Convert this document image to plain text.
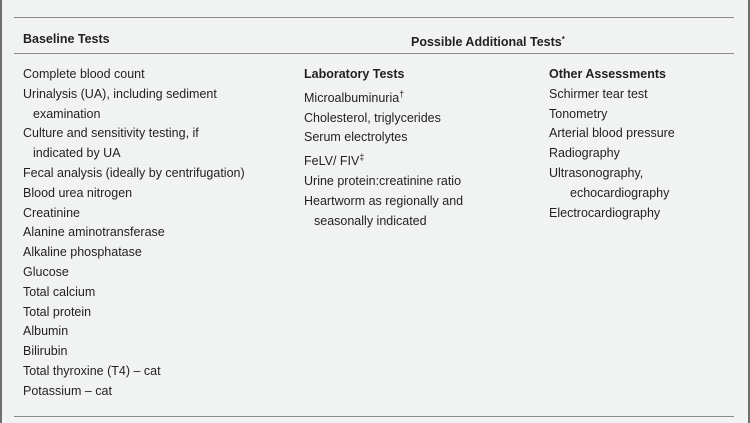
Baseline Tests	Possible Additional Tests*
Complete blood count
Urinalysis (UA), including sediment
examination
Culture and sensitivity testing, if
indicated by UA
Fecal analysis (ideally by centrifugation)
Blood urea nitrogen
Creatinine
Alanine aminotransferase
Alkaline phosphatase
Glucose
Total calcium
Total protein
Albumin
Bilirubin
Total thyroxine (T4) – cat
Potassium – cat
Laboratory Tests
Microalbuminuria†
Cholesterol, triglycerides
Serum electrolytes
FeLV/ FIV‡
Urine protein:creatinine ratio
Heartworm as regionally and
seasonally indicated
Other Assessments
Schirmer tear test
Tonometry
Arterial blood pressure
Radiography
Ultrasonography,
echocardiography
Electrocardiography
